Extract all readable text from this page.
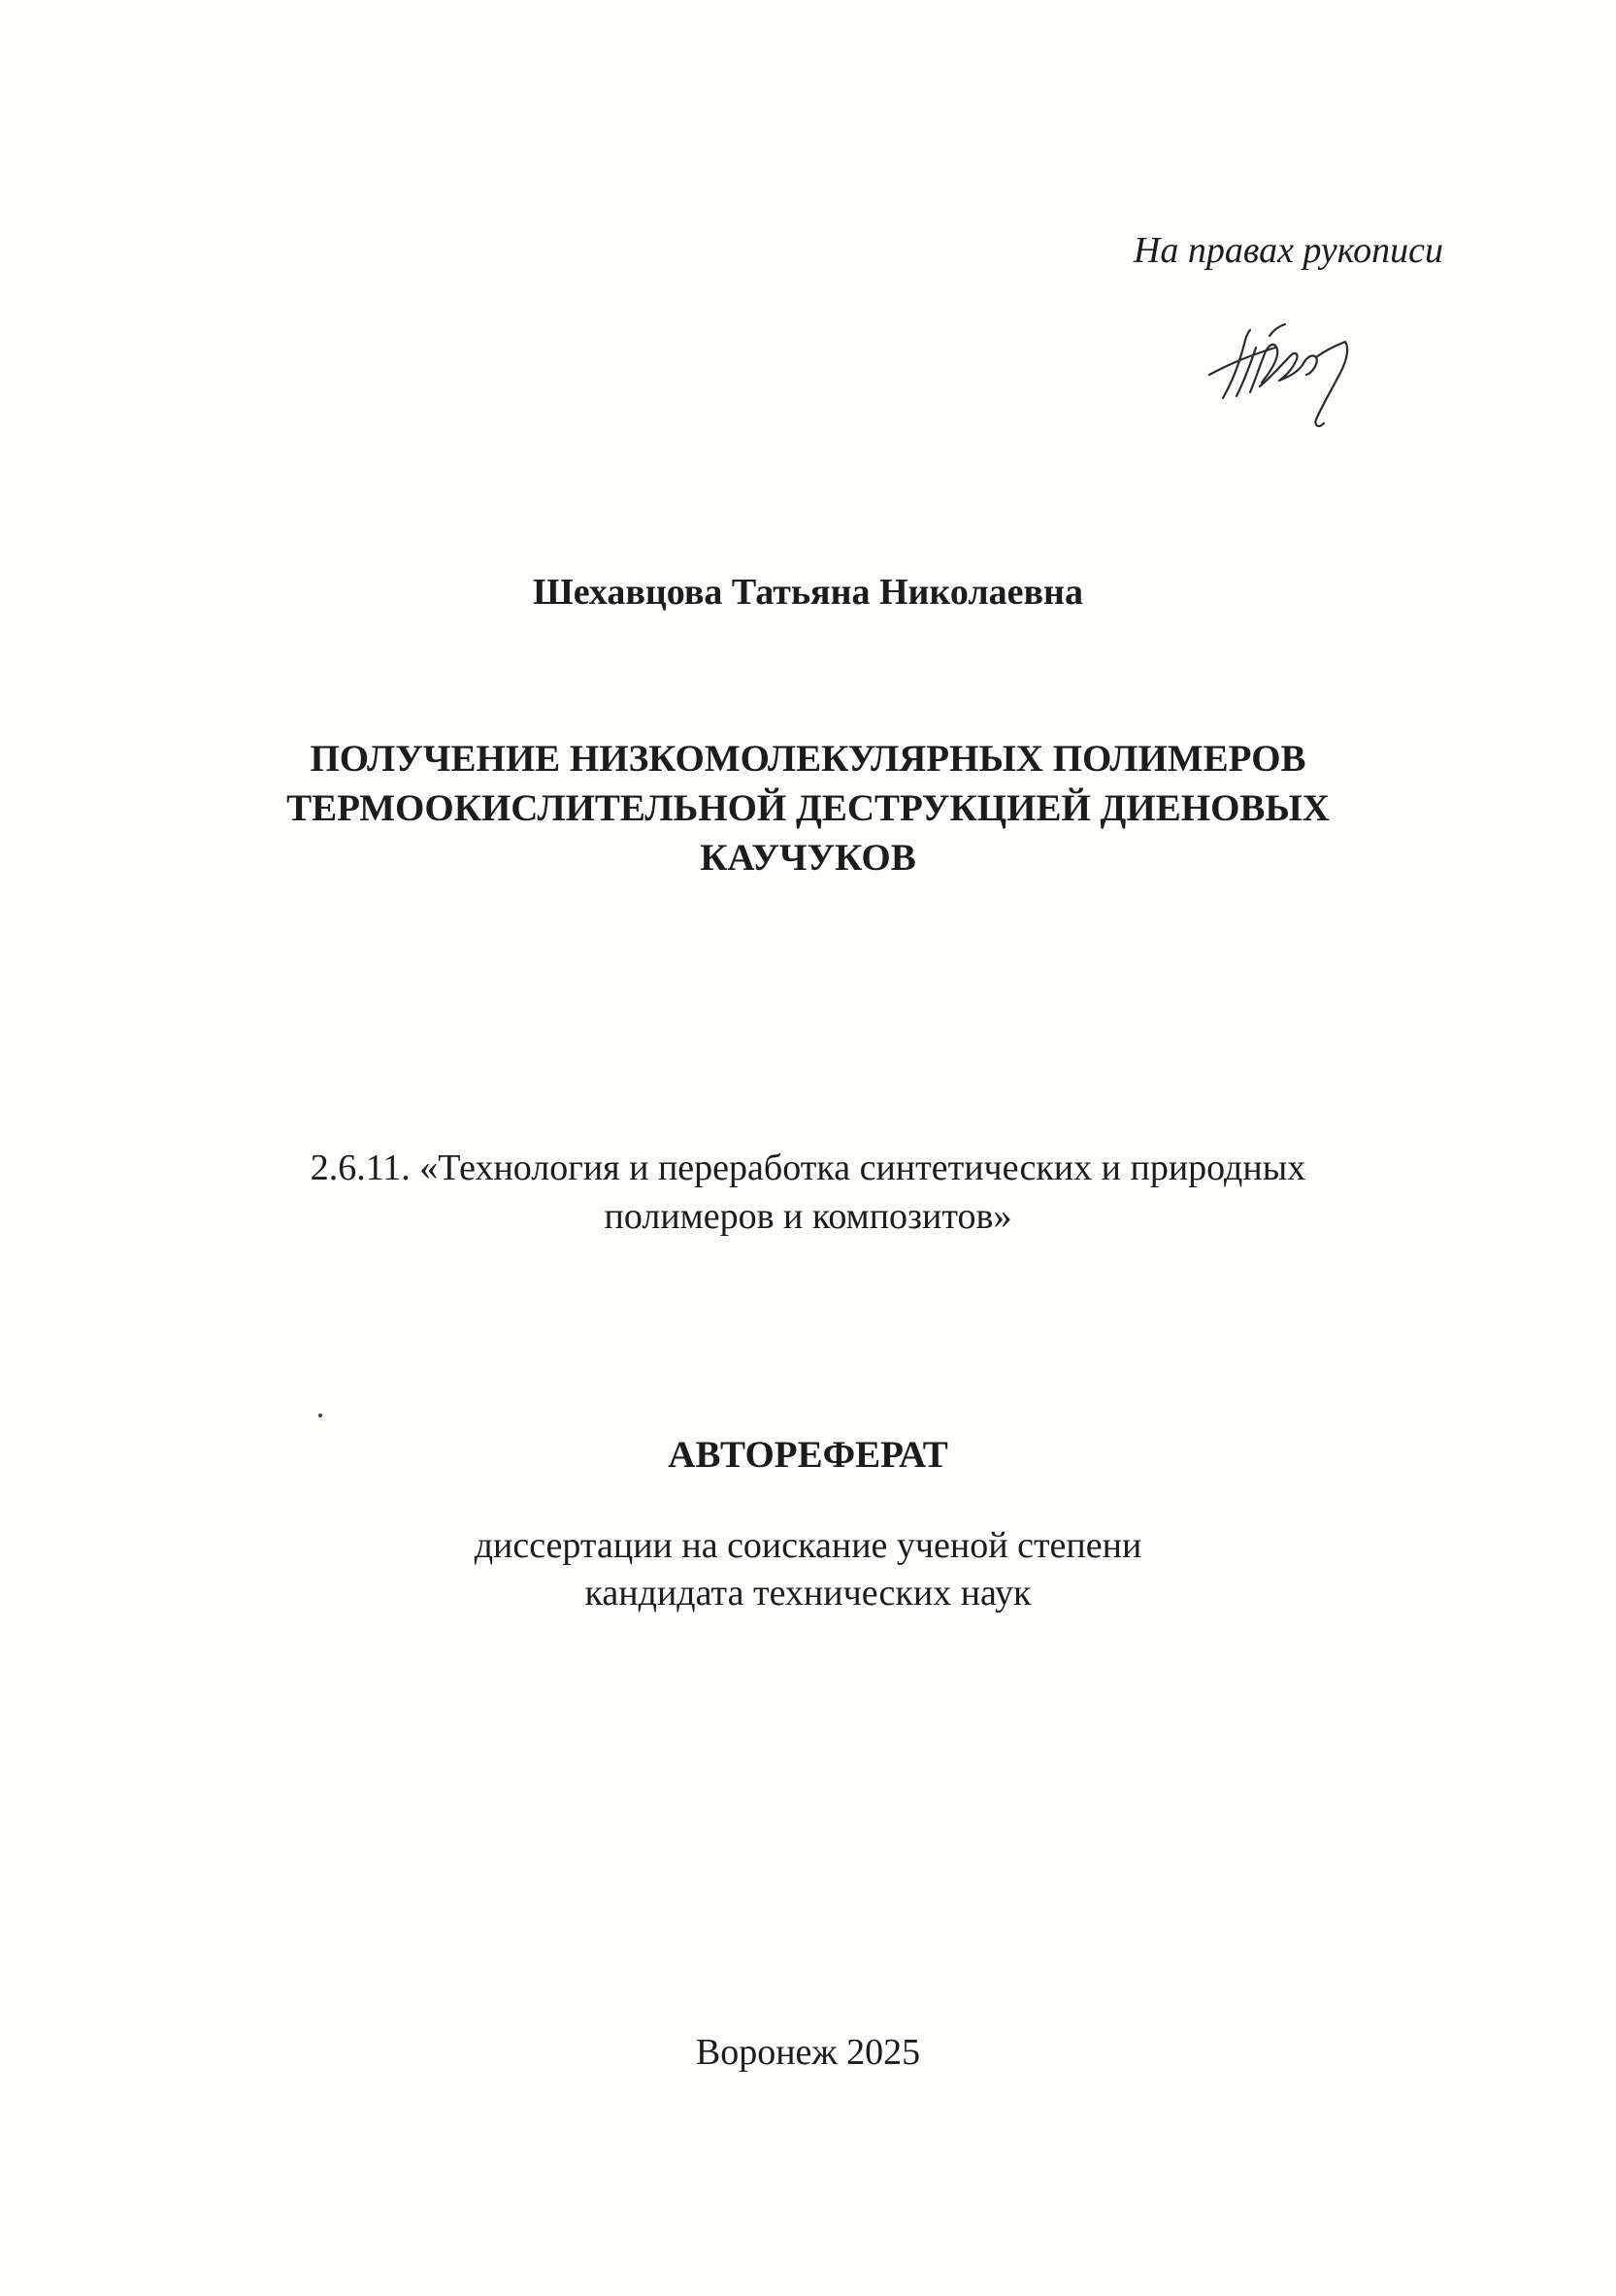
На правах рукописи

Шехавцова Татьяна Николаевна

ПОЛУЧЕНИЕ НИЗКОМОЛЕКУЛЯРНЫХ ПОЛИМЕРОВ
ТЕРМООКИСЛИТЕЛЬНОЙ ДЕСТРУКЦИЕЙ ДИЕНОВЫХ
КАУЧУКОВ

2.6.11. «Технология и переработка синтетических и природных
полимеров и композитов»

АВТОРЕФЕРАТ

диссертации на соискание ученой степени
кандидата технических наук

Воронеж 2025
